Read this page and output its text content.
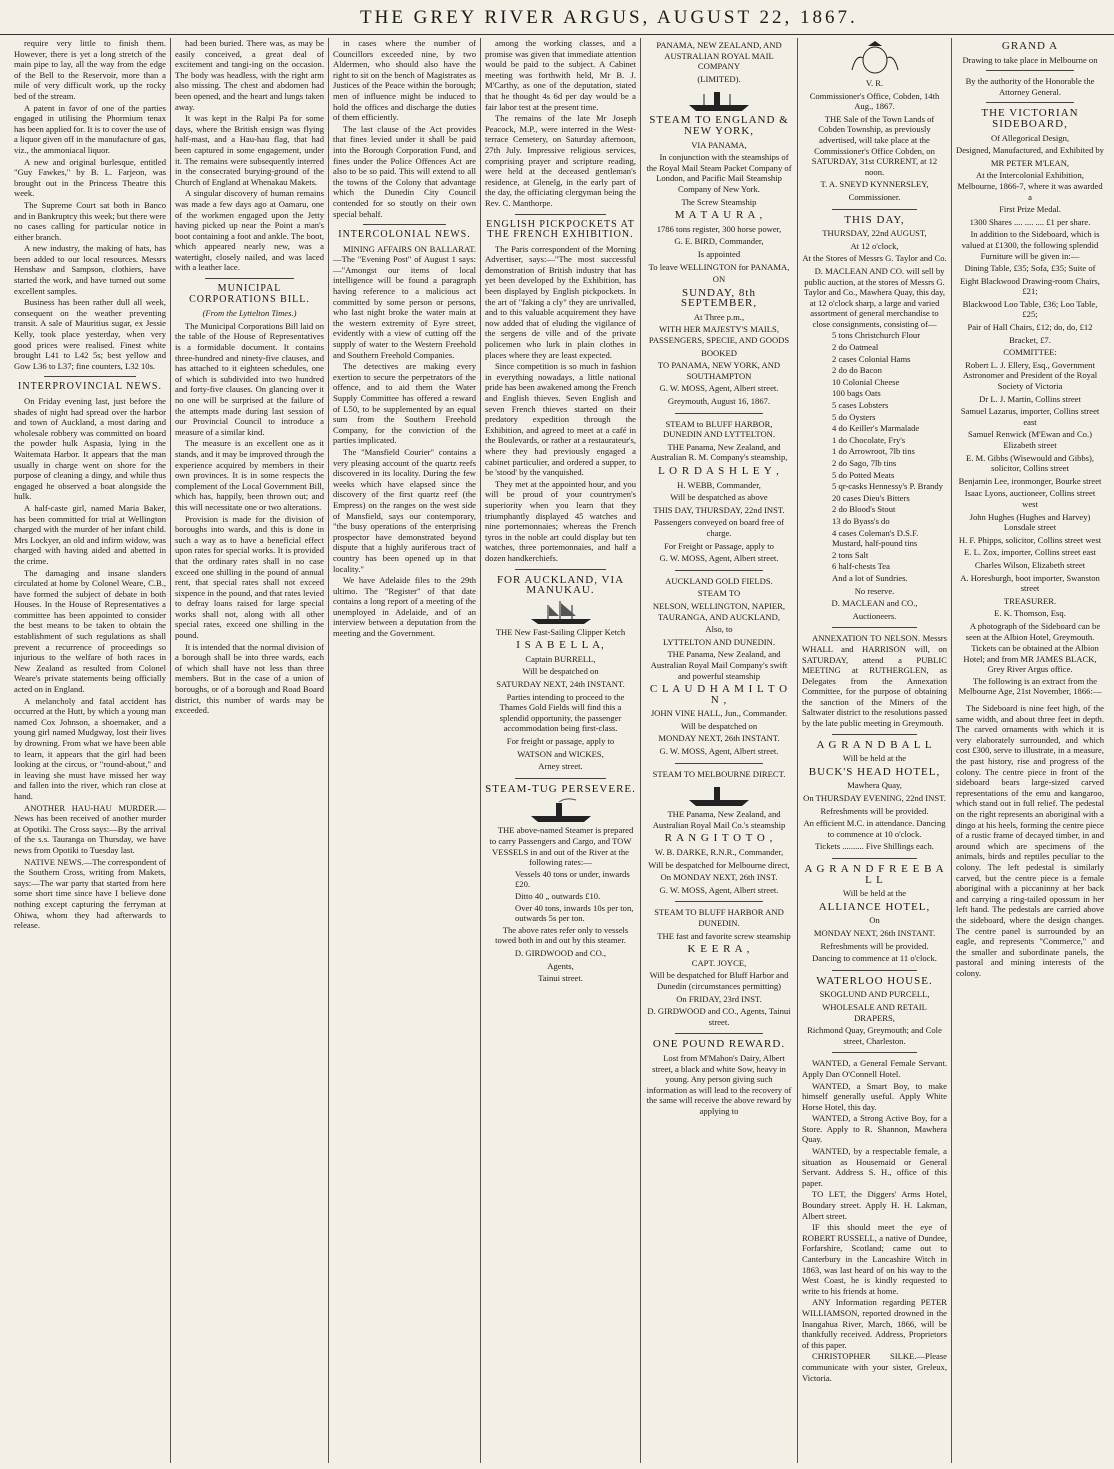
THE GREY RIVER ARGUS, AUGUST 22, 1867.

require very little to finish them. However, there is yet a long stretch of the main pipe to lay, all the way from the edge of the Bell to the Reservoir, more than a mile of very difficult work, up the rocky bed of the stream.

A patent in favor of one of the parties engaged in utilising the Phormium tenax has been applied for. It is to cover the use of a liquor given off in the manufacture of gas, viz., the ammoniacal liquor.

A new and original burlesque, entitled "Guy Fawkes," by B. L. Farjeon, was brought out in the Princess Theatre this week.

The Supreme Court sat both in Banco and in Bankruptcy this week; but there were no cases calling for particular notice in either branch.

A new industry, the making of hats, has been added to our local resources. Messrs Henshaw and Sampson, clothiers, have started the work, and have turned out some excellent samples.

Business has been rather dull all week, consequent on the weather preventing transit. A sale of Mauritius sugar, ex Jessie Kelly, took place yesterday, when very good prices were realised. Finest white brought L41 to L42 5s; best yellow and Gow L36 to L37; fine counters, L32 10s.

INTERPROVINCIAL NEWS.

On Friday evening last, just before the shades of night had spread over the harbor and town of Auckland, a most daring and wholesale robbery was committed on board the powder hulk Aspasia, lying in the Waitemata Harbor. It appears that the man usually in charge went on shore for the purpose of cleaning a dingy, and while thus engaged he observed a boat alongside the hulk.

A half-caste girl, named Maria Baker, has been committed for trial at Wellington charged with the murder of her infant child. Mrs Lockyer, an old and infirm widow, was charged with having aided and abetted in the crime.

The damaging and insane slanders circulated at home by Colonel Weare, C.B., have formed the subject of debate in both Houses. In the House of Representatives a committee has been appointed to consider the best means to be taken to obtain the establishment of such regulations as shall prevent a recurrence of proceedings so injurious to the welfare of both races in New Zealand as resulted from Colonel Weare's private statements being officially acted on in England.

A melancholy and fatal accident has occurred at the Hutt, by which a young man named Cox Johnson, a shoemaker, and a young girl named Mudgway, lost their lives by drowning. From what we have been able to learn, it appears that the girl had been looking at the circus, or "round-about," and in leaving she must have missed her way and fallen into the river, which ran close at hand.

ANOTHER HAU-HAU MURDER.—News has been received of another murder at Opotiki. The Cross says:—By the arrival of the s.s. Tauranga on Thursday, we have news from Opotiki to Tuesday last.

NATIVE NEWS.—The correspondent of the Southern Cross, writing from Makets, says:—The war party that started from here some short time since have I believe done nothing except capturing the ferryman at Ohiwa, whom they had afterwards to release.

had been buried. There was, as may be easily conceived, a great deal of excitement and tangi-ing on the occasion. The body was headless, with the right arm also missing. The chest and abdomen had been opened, and the heart and lungs taken away.

It was kept in the Ralpi Pa for some days, where the British ensign was flying half-mast, and a Hau-hau flag, that had been captured in some engagement, under it. The remains were subsequently interred in the consecrated burying-ground of the Church of England at Whenakau Makets.

A singular discovery of human remains was made a few days ago at Oamaru, one of the workmen engaged upon the Jetty having picked up near the Point a man's boot containing a foot and ankle. The boot, which appeared nearly new, was a watertight, closely nailed, and was laced with a leather lace.

MUNICIPAL CORPORATIONS BILL.
(From the Lyttelton Times.)

The Municipal Corporations Bill laid on the table of the House of Representatives is a formidable document. It contains three-hundred and ninety-five clauses, and has attached to it eighteen schedules, one of which is subdivided into two hundred and forty-five clauses. On glancing over it no one will be surprised at the failure of the attempts made during last session of our Provincial Council to introduce a measure of a similar kind.

The measure is an excellent one as it stands, and it may be improved through the experience acquired by members in their own provinces. It is in some respects the complement of the Local Government Bill, which has, happily, been thrown out; and this will necessitate one or two alterations.

Provision is made for the division of boroughs into wards, and this is done in such a way as to have a beneficial effect upon rates for special works. It is provided that the ordinary rates shall in no case exceed one shilling in the pound of annual rent, that special rates shall not exceed sixpence in the pound, and that rates levied to defray loans raised for large special works shall not, along with all other special rates, exceed one shilling in the pound.

It is intended that the normal division of a borough shall be into three wards, each of which shall have not less than three members. But in the case of a union of boroughs, or of a borough and Road Board district, this number of wards may be exceeded.

in cases where the number of Councillors exceeded nine, by two Aldermen, who should also have the right to sit on the bench of Magistrates as Justices of the Peace within the borough; men of influence might be induced to hold the offices and discharge the duties of them efficiently.

The last clause of the Act provides that fines levied under it shall be paid into the Borough Corporation Fund, and fines under the Police Offences Act are also to be so paid. This will extend to all the towns of the Colony that advantage which the Dunedin City Council contended for so stoutly on their own special behalf.

INTERCOLONIAL NEWS.

MINING AFFAIRS ON BALLARAT.—The "Evening Post" of August 1 says:—"Amongst our items of local intelligence will be found a paragraph having reference to a malicious act committed by some person or persons, who last night broke the water main at the western extremity of Eyre street, evidently with a view of cutting off the supply of water to the Western Freehold and Southern Freehold Companies.

The detectives are making every exertion to secure the perpetrators of the offence, and to aid them the Water Supply Committee has offered a reward of L50, to be supplemented by an equal sum from the Southern Freehold Company, for the conviction of the parties implicated.

The "Mansfield Courier" contains a very pleasing account of the quartz reefs discovered in its locality. During the few weeks which have elapsed since the discovery of the first quartz reef (the Empress) on the ranges on the west side of Mansfield, says our contemporary, "the busy operations of the enterprising prospector have demonstrated beyond dispute that a highly auriferous tract of country has been opened up in that locality."

We have Adelaide files to the 29th ultimo. The "Register" of that date contains a long report of a meeting of the unemployed in Adelaide, and of an interview between a deputation from the meeting and the Government.

among the working classes, and a promise was given that immediate attention would be paid to the subject. A Cabinet meeting was forthwith held, Mr B. J. M'Carthy, as one of the deputation, stated that he thought 4s 6d per day would be a fair labor test at the present time.

The remains of the late Mr Joseph Peacock, M.P., were interred in the West-terrace Cemetery, on Saturday afternoon, 27th July. Impressive religious services, comprising prayer and scripture reading, were held at the deceased gentleman's residence, at Glenelg, in the early part of the day, the officiating clergyman being the Rev. C. Manthorpe.

ENGLISH PICKPOCKETS AT THE FRENCH EXHIBITION.

The Paris correspondent of the Morning Advertiser, says:—"The most successful demonstration of British industry that has yet been developed by the Exhibition, has been displayed by English pickpockets. In the art of "faking a cly" they are unrivalled, and to this valuable acquirement they have now added that of eluding the vigilance of the sergens de ville and of the private policemen who lurk in plain clothes in places where they are least expected.

Since competition is so much in fashion in everything nowadays, a little national pride has been awakened among the French and English thieves. Seven English and seven French thieves started on their predatory expedition through the Exhibition, and agreed to meet at a café in the Boulevards, or rather at a restaurateur's, where they had previously engaged a cabinet particulier, and ordered a supper, to be 'stood' by the vanquished.

They met at the appointed hour, and you will be proud of your countrymen's superiority when you learn that they triumphantly displayed 45 watches and nine portemonnaies; whereas the French tyros in the noble art could display but ten watches, three portemonnaies, and half a dozen handkerchiefs.

FOR AUCKLAND, VIA MANUKAU.
THE New Fast-Sailing Clipper Ketch
I S A B E L L A,
Captain BURRELL,
Will be despatched on
SATURDAY NEXT, 24th INSTANT.

Parties intending to proceed to the Thames Gold Fields will find this a splendid opportunity, the passenger accommodation being first-class.

For freight or passage, apply to
WATSON and WICKES,
Arney street.
STEAM-TUG PERSEVERE.

THE above-named Steamer is prepared to carry Passengers and Cargo, and TOW VESSELS in and out of the River at the following rates:—

Vessels 40 tons or under, inwards £20.
Ditto 40 „ outwards £10.
Over 40 tons, inwards 10s per ton, outwards 5s per ton.

The above rates refer only to vessels towed both in and out by this steamer.

D. GIRDWOOD and CO.,
Agents,
Tainui street.
PANAMA, NEW ZEALAND, AND AUSTRALIAN ROYAL MAIL COMPANY
(LIMITED).
STEAM TO ENGLAND & NEW YORK,
VIA PANAMA,

In conjunction with the steamships of the Royal Mail Steam Packet Company of London, and Pacific Mail Steamship Company of New York.

The Screw Steamship
M A T A U R A ,
1786 tons register, 300 horse power,
G. E. BIRD, Commander,
Is appointed
To leave WELLINGTON for PANAMA,
ON
SUNDAY, 8th SEPTEMBER,
At Three p.m.,
WITH HER MAJESTY'S MAILS, PASSENGERS, SPECIE, AND GOODS
BOOKED
TO PANAMA, NEW YORK, AND SOUTHAMPTON
G. W. MOSS, Agent, Albert street.
Greymouth, August 16, 1867.
STEAM to BLUFF HARBOR, DUNEDIN AND LYTTELTON.

THE Panama, New Zealand, and Australian R. M. Company's steamship,

L O R D A S H L E Y ,
H. WEBB, Commander,
Will be despatched as above
THIS DAY, THURSDAY, 22nd INST.
Passengers conveyed on board free of charge.
For Freight or Passage, apply to
G. W. MOSS, Agent, Albert street.
AUCKLAND GOLD FIELDS.
STEAM TO
NELSON, WELLINGTON, NAPIER, TAURANGA, AND AUCKLAND,
Also, to
LYTTELTON AND DUNEDIN.

THE Panama, New Zealand, and Australian Royal Mail Company's swift and powerful steamship

C L A U D H A M I L T O N ,
JOHN VINE HALL, Jun., Commander.
Will be despatched on
MONDAY NEXT, 26th INSTANT.
G. W. MOSS, Agent, Albert street.
STEAM TO MELBOURNE DIRECT.

THE Panama, New Zealand, and Australian Royal Mail Co.'s steamship

R A N G I T O T O ,
W. B. DARKE, R.N.R., Commander,
Will be despatched for Melbourne direct,
On MONDAY NEXT, 26th INST.
G. W. MOSS, Agent, Albert street.
STEAM TO BLUFF HARBOR AND DUNEDIN.

THE fast and favorite screw steamship

K E E R A ,
CAPT. JOYCE,
Will be despatched for Bluff Harbor and Dunedin (circumstances permitting)
On FRIDAY, 23rd INST.
D. GIRDWOOD and CO., Agents, Tainui street.
ONE POUND REWARD.

Lost from M'Mahon's Dairy, Albert street, a black and white Sow, heavy in young. Any person giving such information as will lead to the recovery of the same will receive the above reward by applying to

V. R.
Commissioner's Office, Cobden, 14th Aug., 1867.

THE Sale of the Town Lands of Cobden Township, as previously advertised, will take place at the Commissioner's Office Cobden, on SATURDAY, 31st CURRENT, at 12 noon.

T. A. SNEYD KYNNERSLEY,
Commissioner.
THIS DAY,
THURSDAY, 22nd AUGUST,
At 12 o'clock,
At the Stores of Messrs G. Taylor and Co.

D. MACLEAN AND CO. will sell by public auction, at the stores of Messrs G. Taylor and Co., Mawhera Quay, this day, at 12 o'clock sharp, a large and varied assortment of general merchandise to close consignments, consisting of—

5 tons Christchurch Flour
2 do Oatmeal
2 cases Colonial Hams
2 do do Bacon
10 Colonial Cheese
100 bags Oats
5 cases Lobsters
5 do Oysters
4 do Keiller's Marmalade
1 do Chocolate, Fry's
1 do Arrowroot, 7lb tins
2 do Sago, 7lb tins
5 do Potted Meats
5 qr-casks Hennessy's P. Brandy
20 cases Dieu's Bitters
2 do Blood's Stout
13 do Byass's do
4 cases Coleman's D.S.F. Mustard, half-pound tins
2 tons Salt
6 half-chests Tea
And a lot of Sundries.
No reserve.
D. MACLEAN and CO.,
Auctioneers.

ANNEXATION TO NELSON. Messrs WHALL and HARRISON will, on SATURDAY, attend a PUBLIC MEETING at RUTHERGLEN, as Delegates from the Annexation Committee, for the purpose of obtaining the sanction of the Miners of the Saltwater district to the resolutions passed by the late public meeting in Greymouth.

A G R A N D B A L L
Will be held at the
BUCK'S HEAD HOTEL,
Mawhera Quay,
On THURSDAY EVENING, 22nd INST.
Refreshments will be provided.
An efficient M.C. in attendance. Dancing to commence at 10 o'clock.
Tickets .......... Five Shillings each.
A G R A N D F R E E B A L L
Will be held at the
ALLIANCE HOTEL,
On
MONDAY NEXT, 26th INSTANT.
Refreshments will be provided.
Dancing to commence at 11 o'clock.
WATERLOO HOUSE.
SKOGLUND AND PURCELL,
WHOLESALE AND RETAIL DRAPERS,
Richmond Quay, Greymouth; and Cole street, Charleston.

WANTED, a General Female Servant. Apply Dan O'Connell Hotel.

WANTED, a Smart Boy, to make himself generally useful. Apply White Horse Hotel, this day.

WANTED, a Strong Active Boy, for a Store. Apply to R. Shannon, Mawhera Quay.

WANTED, by a respectable female, a situation as Housemaid or General Servant. Address S. H., office of this paper.

TO LET, the Diggers' Arms Hotel, Boundary street. Apply H. H. Lakman, Albert street.

IF this should meet the eye of ROBERT RUSSELL, a native of Dundee, Forfarshire, Scotland; came out to Canterbury in the Lancashire Witch in 1863, was last heard of on his way to the West Coast, he is kindly requested to write to his friends at home.

ANY Information regarding PETER WILLIAMSON, reported drowned in the Inangahua River, March, 1866, will be thankfully received. Address, Proprietors of this paper.

CHRISTOPHER SILKE.—Please communicate with your sister, Greleux, Victoria.

GRAND A
Drawing to take place in Melbourne on
By the authority of the Honorable the Attorney General.
THE VICTORIAN SIDEBOARD,
Of Allegorical Design,
Designed, Manufactured, and Exhibited by
MR PETER M'LEAN,
At the Intercolonial Exhibition, Melbourne, 1866-7, where it was awarded a
First Prize Medal.
1300 Shares .... .... .... £1 per share.

In addition to the Sideboard, which is valued at £1300, the following splendid Furniture will be given in:—

Dining Table, £35; Sofa, £35; Suite of
Eight Blackwood Drawing-room Chairs, £21;
Blackwood Loo Table, £36; Loo Table, £25;
Pair of Hall Chairs, £12; do, do, £12
Bracket, £7.
COMMITTEE:
Robert L. J. Ellery, Esq., Government Astronomer and President of the Royal Society of Victoria
Dr L. J. Martin, Collins street
Samuel Lazarus, importer, Collins street east
Samuel Renwick (M'Ewan and Co.) Elizabeth street
E. M. Gibbs (Wisewould and Gibbs), solicitor, Collins street
Benjamin Lee, ironmonger, Bourke street
Isaac Lyons, auctioneer, Collins street west
John Hughes (Hughes and Harvey) Lonsdale street
H. F. Phipps, solicitor, Collins street west
E. L. Zox, importer, Collins street east
Charles Wilson, Elizabeth street
A. Horesburgh, boot importer, Swanston street
TREASURER.
E. K. Thomson, Esq.

A photograph of the Sideboard can be seen at the Albion Hotel, Greymouth.

Tickets can be obtained at the Albion Hotel; and from MR JAMES BLACK, Grey River Argus office.

The following is an extract from the Melbourne Age, 21st November, 1866:—

The Sideboard is nine feet high, of the same width, and about three feet in depth. The carved ornaments with which it is very elaborately surrounded, and which cost £300, serve to illustrate, in a measure, the past history, rise and progress of the colony. The centre piece in front of the sideboard bears large-sized carved representations of the emu and kangaroo, which stand out in full relief. The pedestal on the right represents an aboriginal with a dingo at his heels, forming the centre piece of a rustic frame of decayed timber, in and around which are specimens of the animals, birds and reptiles peculiar to the colony. The left pedestal is similarly carved, but the centre piece is a female aboriginal with a piccaninny at her back and carrying a ring-tailed opossum in her left hand. The pedestals are carried above the sideboard, where the design changes. The centre panel is surrounded by an eagle, and represents "Commerce," and the smaller and subordinate panels, the pastoral and mining interests of the colony.
